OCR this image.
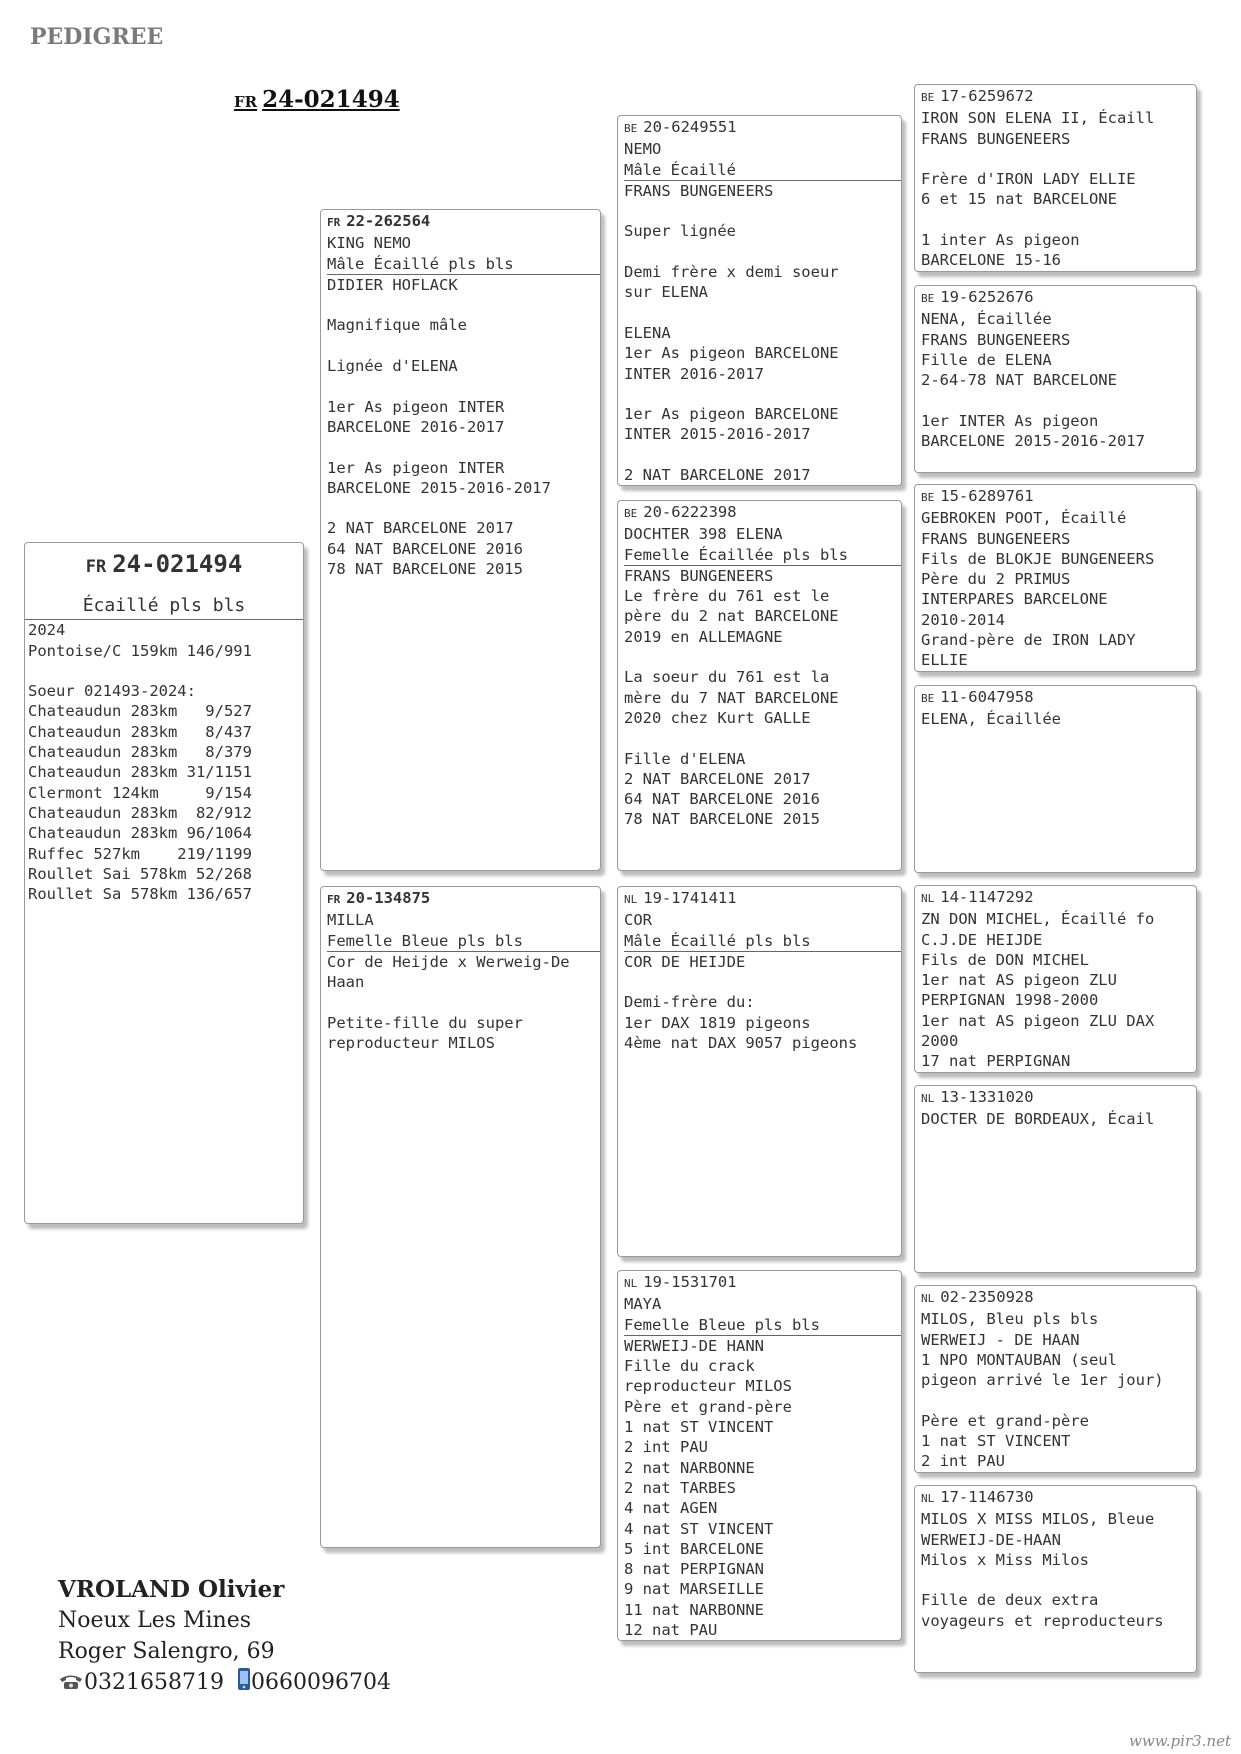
PEDIGREE
FR 24-021494
FR 24-021494
Écaillé pls bls
2024
Pontoise/C 159km 146/991
Soeur 021493-2024:
Chateaudun 283km   9/527
Chateaudun 283km   8/437
Chateaudun 283km   8/379
Chateaudun 283km 31/1151
Clermont 124km     9/154
Chateaudun 283km  82/912
Chateaudun 283km 96/1064
Ruffec 527km    219/1199
Roullet Sai 578km 52/268
Roullet Sa 578km 136/657
FR 22-262564
KING NEMO
Mâle Écaillé pls bls
DIDIER HOFLACK
Magnifique mâle
Lignée d'ELENA
1er As pigeon INTER
BARCELONE 2016-2017
1er As pigeon INTER
BARCELONE 2015-2016-2017
2 NAT BARCELONE 2017
64 NAT BARCELONE 2016
78 NAT BARCELONE 2015
FR 20-134875
MILLA
Femelle Bleue pls bls
Cor de Heijde x Werweig-De
Haan
Petite-fille du super
reproducteur MILOS
BE 20-6249551
NEMO
Mâle Écaillé
FRANS BUNGENEERS
Super lignée
Demi frère x demi soeur
sur ELENA
ELENA
1er As pigeon BARCELONE
INTER 2016-2017
1er As pigeon BARCELONE
INTER 2015-2016-2017
2 NAT BARCELONE 2017
BE 20-6222398
DOCHTER 398 ELENA
Femelle Écaillée pls bls
FRANS BUNGENEERS
Le frère du 761 est le
père du 2 nat BARCELONE
2019 en ALLEMAGNE
La soeur du 761 est la
mère du 7 NAT BARCELONE
2020 chez Kurt GALLE
Fille d'ELENA
2 NAT BARCELONE 2017
64 NAT BARCELONE 2016
78 NAT BARCELONE 2015
NL 19-1741411
COR
Mâle Écaillé pls bls
COR DE HEIJDE
Demi-frère du:
1er DAX 1819 pigeons
4ème nat DAX 9057 pigeons
NL 19-1531701
MAYA
Femelle Bleue pls bls
WERWEIJ-DE HANN
Fille du crack
reproducteur MILOS
Père et grand-père
1 nat ST VINCENT
2 int PAU
2 nat NARBONNE
2 nat TARBES
4 nat AGEN
4 nat ST VINCENT
5 int BARCELONE
8 nat PERPIGNAN
9 nat MARSEILLE
11 nat NARBONNE
12 nat PAU
BE 17-6259672
IRON SON ELENA II, Écaill
FRANS BUNGENEERS
Frère d'IRON LADY ELLIE
6 et 15 nat BARCELONE
1 inter As pigeon
BARCELONE 15-16
BE 19-6252676
NENA, Écaillée
FRANS BUNGENEERS
Fille de ELENA
2-64-78 NAT BARCELONE
1er INTER As pigeon
BARCELONE 2015-2016-2017
BE 15-6289761
GEBROKEN POOT, Écaillé
FRANS BUNGENEERS
Fils de BLOKJE BUNGENEERS
Père du 2 PRIMUS
INTERPARES BARCELONE
2010-2014
Grand-père de IRON LADY
ELLIE
BE 11-6047958
ELENA, Écaillée
NL 14-1147292
ZN DON MICHEL, Écaillé fo
C.J.DE HEIJDE
Fils de DON MICHEL
1er nat AS pigeon ZLU
PERPIGNAN 1998-2000
1er nat AS pigeon ZLU DAX
2000
17 nat PERPIGNAN
NL 13-1331020
DOCTER DE BORDEAUX, Écail
NL 02-2350928
MILOS, Bleu pls bls
WERWEIJ - DE HAAN
1 NPO MONTAUBAN (seul
pigeon arrivé le 1er jour)
Père et grand-père
1 nat ST VINCENT
2 int PAU
NL 17-1146730
MILOS X MISS MILOS, Bleue
WERWEIJ-DE-HAAN
Milos x Miss Milos
Fille de deux extra
voyageurs et reproducteurs
VROLAND Olivier
Noeux Les Mines
Roger Salengro, 69
0321658719 0660096704
www.pir3.net
